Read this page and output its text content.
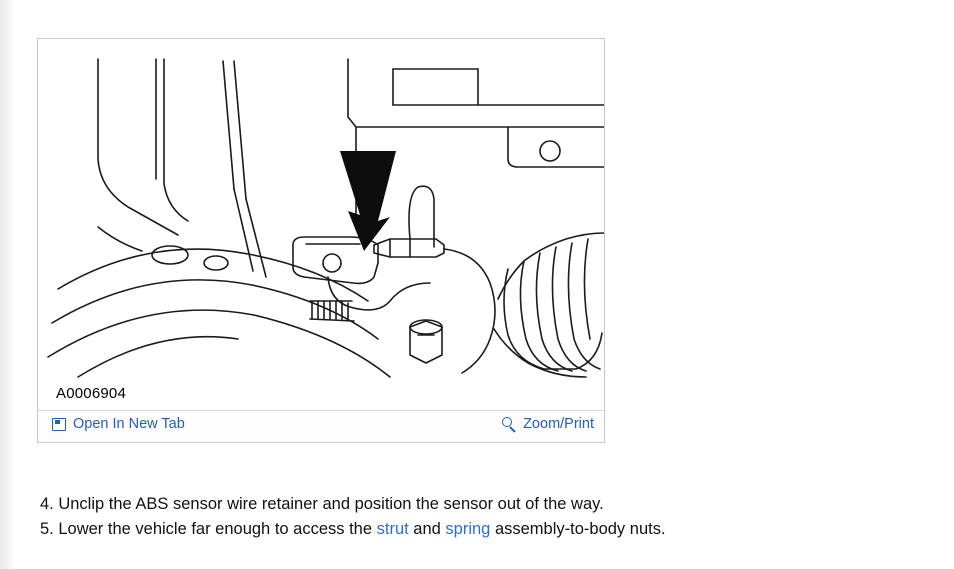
A0006904
Open In New Tab	Zoom/Print
4. Unclip the ABS sensor wire retainer and position the sensor out of the way.
5. Lower the vehicle far enough to access the strut and spring assembly-to-body nuts.
